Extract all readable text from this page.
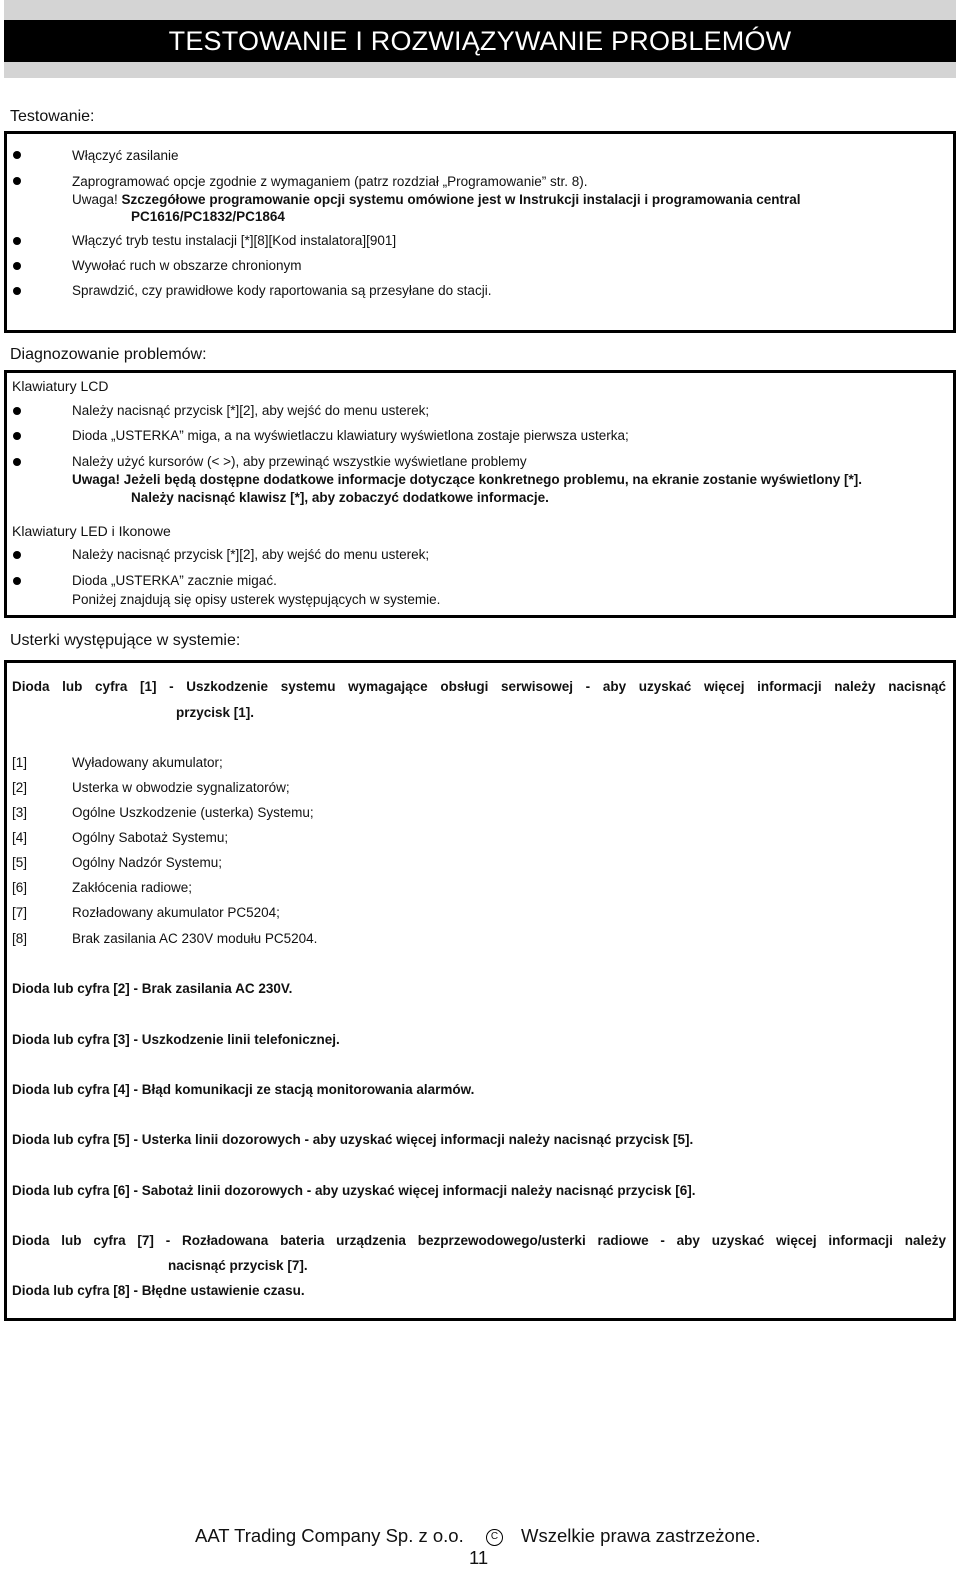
TESTOWANIE I ROZWIĄZYWANIE PROBLEMÓW
Testowanie:
Włączyć zasilanie
Zaprogramować opcje zgodnie z wymaganiem (patrz rozdział „Programowanie” str. 8).
Uwaga! Szczegółowe programowanie opcji systemu omówione jest w Instrukcji instalacji i programowania central
PC1616/PC1832/PC1864
Włączyć tryb testu instalacji [*][8][Kod instalatora][901]
Wywołać ruch w obszarze chronionym
Sprawdzić, czy prawidłowe kody raportowania są przesyłane do stacji.
Diagnozowanie problemów:
Klawiatury LCD
Należy nacisnąć przycisk [*][2], aby wejść do menu usterek;
Dioda „USTERKA” miga, a na wyświetlaczu klawiatury wyświetlona zostaje pierwsza usterka;
Należy użyć kursorów (< >), aby przewinąć wszystkie wyświetlane problemy
Uwaga! Jeżeli będą dostępne dodatkowe informacje dotyczące konkretnego problemu, na ekranie zostanie wyświetlony [*].
Należy nacisnąć klawisz [*], aby zobaczyć dodatkowe informacje.
Klawiatury LED i Ikonowe
Należy nacisnąć przycisk [*][2], aby wejść do menu usterek;
Dioda „USTERKA” zacznie migać.
Poniżej znajdują się opisy usterek występujących w systemie.
Usterki występujące w systemie:
Dioda lub cyfra [1] - Uszkodzenie systemu wymagające obsługi serwisowej - aby uzyskać więcej informacji należy nacisnąć
przycisk [1].
[1]	Wyładowany akumulator;
[2]	Usterka w obwodzie sygnalizatorów;
[3]	Ogólne Uszkodzenie (usterka) Systemu;
[4]	Ogólny Sabotaż Systemu;
[5]	Ogólny Nadzór Systemu;
[6]	Zakłócenia radiowe;
[7]	Rozładowany akumulator PC5204;
[8]	Brak zasilania AC 230V modułu PC5204.
Dioda lub cyfra [2] - Brak zasilania AC 230V.
Dioda lub cyfra [3] - Uszkodzenie linii telefonicznej.
Dioda lub cyfra [4] - Błąd komunikacji ze stacją monitorowania alarmów.
Dioda lub cyfra [5] - Usterka linii dozorowych - aby uzyskać więcej informacji należy nacisnąć przycisk [5].
Dioda lub cyfra [6] - Sabotaż linii dozorowych - aby uzyskać więcej informacji należy nacisnąć przycisk [6].
Dioda lub cyfra [7] - Rozładowana bateria urządzenia bezprzewodowego/usterki radiowe - aby uzyskać więcej informacji należy
nacisnąć przycisk [7].
Dioda lub cyfra [8] - Błędne ustawienie czasu.
AAT Trading Company Sp. z o.o.	C Wszelkie prawa zastrzeżone.
11
